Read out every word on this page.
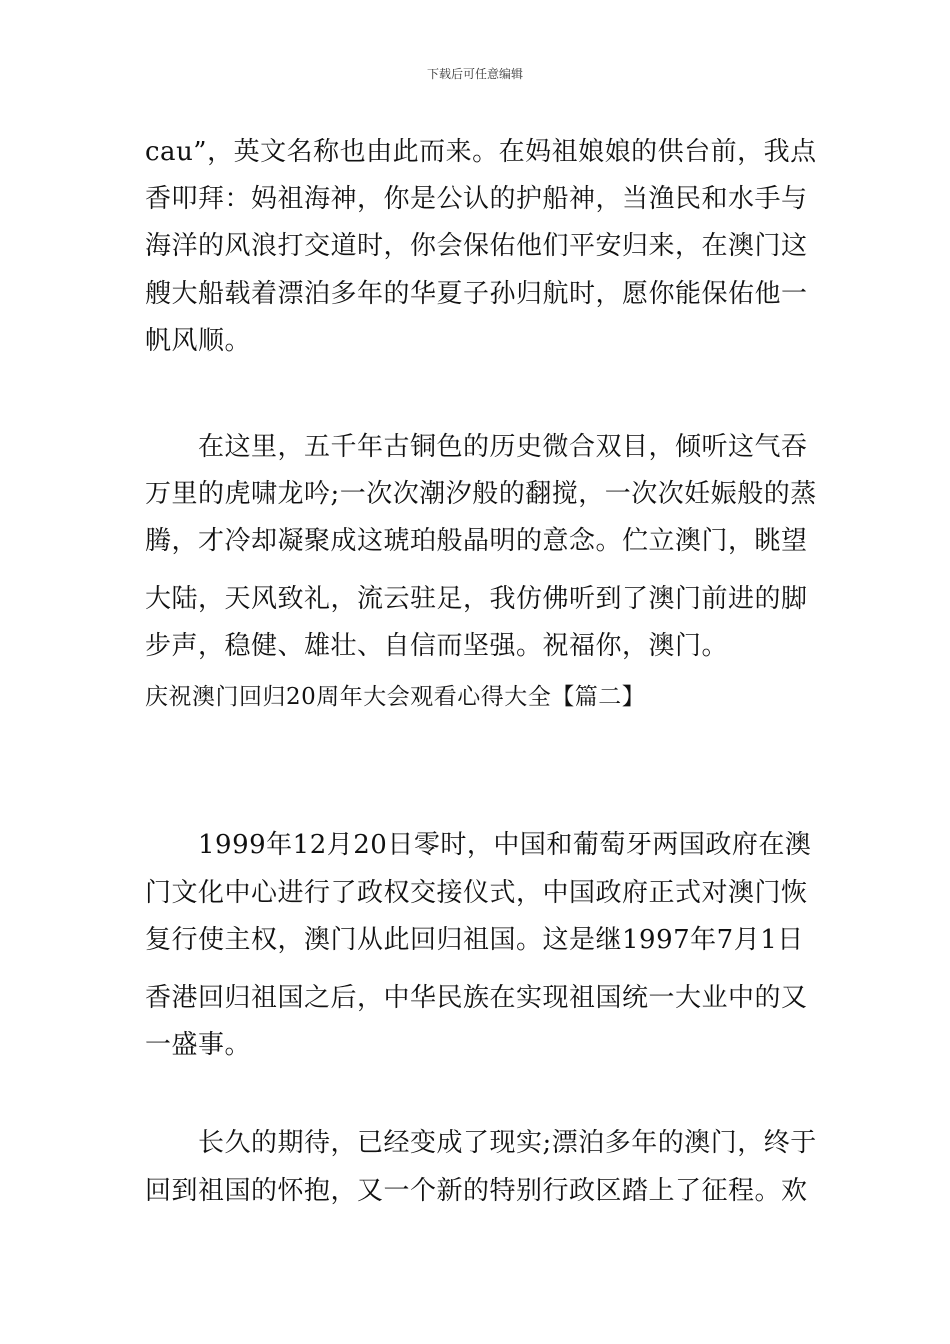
下载后可任意编辑
cau”，英文名称也由此而来。在妈祖娘娘的供台前，我点
香叩拜：妈祖海神，你是公认的护船神，当渔民和水手与
海洋的风浪打交道时，你会保佑他们平安归来，在澳门这
艘大船载着漂泊多年的华夏子孙归航时，愿你能保佑他一
帆风顺。
在这里，五千年古铜色的历史微合双目，倾听这气吞
万里的虎啸龙吟;一次次潮汐般的翻搅，一次次妊娠般的蒸
腾，才冷却凝聚成这琥珀般晶明的意念。伫立澳门，眺望
大陆，天风致礼，流云驻足，我仿佛听到了澳门前进的脚
步声，稳健、雄壮、自信而坚强。祝福你，澳门。
庆祝澳门回归20周年大会观看心得大全【篇二】
1999年12月20日零时，中国和葡萄牙两国政府在澳
门文化中心进行了政权交接仪式，中国政府正式对澳门恢
复行使主权，澳门从此回归祖国。这是继1997年7月1日
香港回归祖国之后，中华民族在实现祖国统一大业中的又
一盛事。
长久的期待，已经变成了现实;漂泊多年的澳门，终于
回到祖国的怀抱，又一个新的特别行政区踏上了征程。欢
